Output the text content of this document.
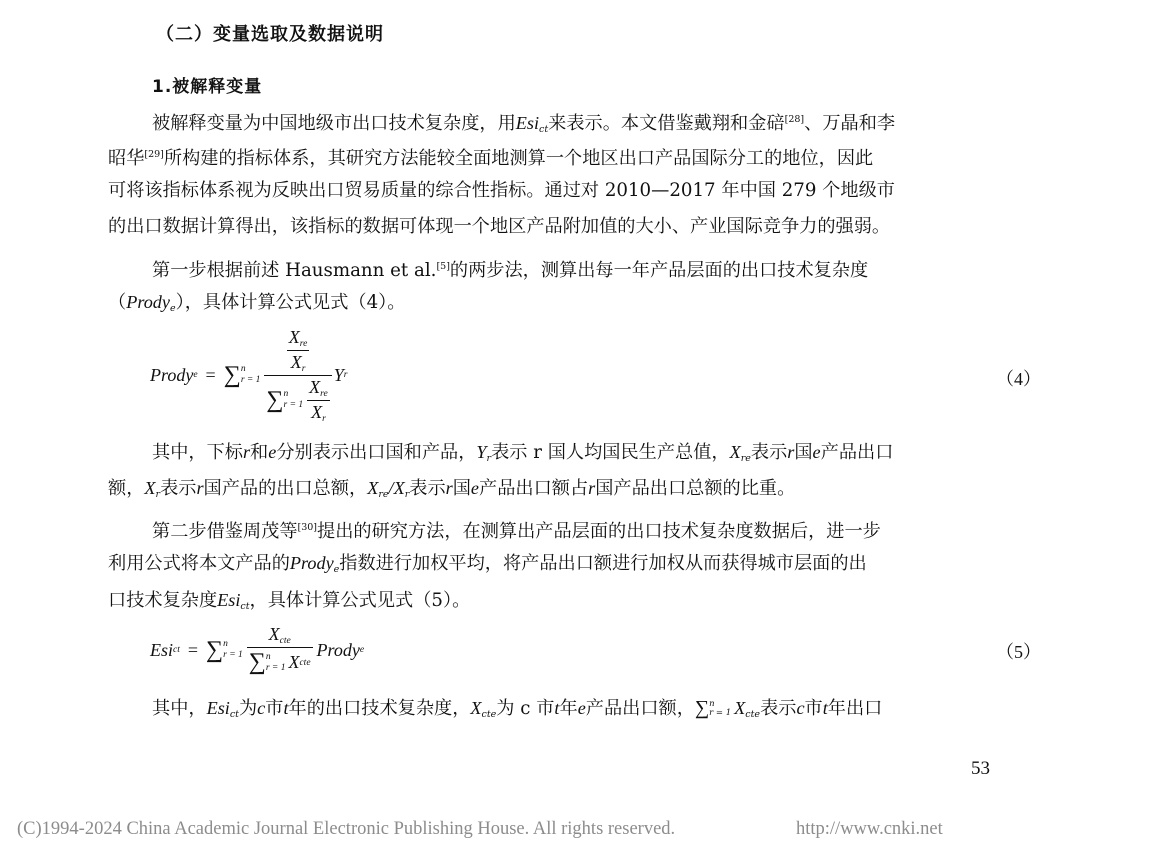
（二）变量选取及数据说明
1.被解释变量
被解释变量为中国地级市出口技术复杂度，用Esi$_{ct}$来表示。本文借鉴戴翔和金碚[28]、万晶和李
昭华[29]所构建的指标体系，其研究方法能较全面地测算一个地区出口产品国际分工的地位，因此
可将该指标体系视为反映出口贸易质量的综合性指标。通过对 2010—2017 年中国 279 个地级市
的出口数据计算得出，该指标的数据可体现一个地区产品附加值的大小、产业国际竞争力的强弱。
第一步根据前述 Hausmann et al.[5]的两步法，测算出每一年产品层面的出口技术复杂度
（Prody$_e$），具体计算公式见式（4）。
Prody e = ∑ n
r = 1
$\frac{X_{re}}{X_r}$
∑ n
$r = 1 \frac{X_{re}}{X_r}$
Y r	（4）
其中，下标r和e分别表示出口国和产品，$Y_r$表示 r 国人均国民生产总值，$X_{re}$表示r国e产品出口
额，$X_r$表示r国产品的出口总额，$X_{re}/X_r$表示r国e产品出口额占r国产品出口总额的比重。
第二步借鉴周茂等[30]提出的研究方法，在测算出产品层面的出口技术复杂度数据后，进一步
利用公式将本文产品的Prody$_e$指数进行加权平均，将产品出口额进行加权从而获得城市层面的出
口技术复杂度Esi$_{ct}$，具体计算公式见式（5）。
Esi ct = ∑ n
r = 1 $X_{cte}$
∑ n
r = 1 X cte Prody e	（5）
其中，Esi$_{ct}$为c市t年的出口技术复杂度，$X_{cte}$为 c 市t年e产品出口额，∑ n
r = 1 $X_{cte}$表示c市t年出口
53
(C)1994-2024 China Academic Journal Electronic Publishing House. All rights reserved.	http://www.cnki.net
